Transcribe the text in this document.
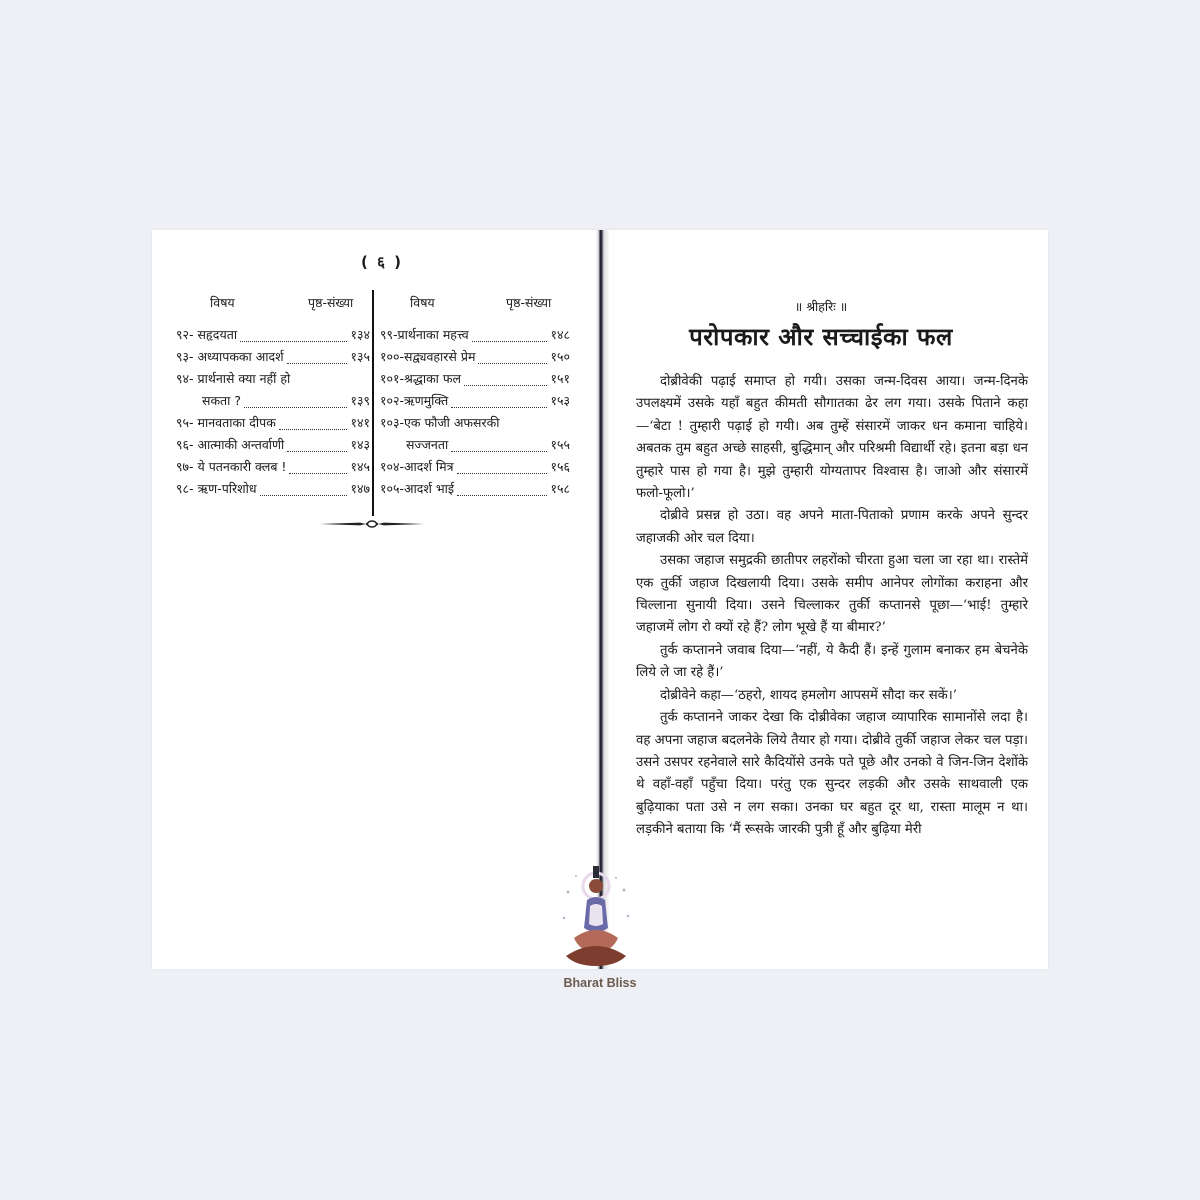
( ६ )
विषय	पृष्ठ-संख्या	विषय	पृष्ठ-संख्या
९२- सहृदयता	१३४
९३- अध्यापकका आदर्श	१३५
९४- प्रार्थनासे क्या नहीं हो
सकता ?	१३९
९५- मानवताका दीपक	१४१
९६- आत्माकी अन्तर्वाणी	१४३
९७- ये पतनकारी क्लब !	१४५
९८- ऋण-परिशोध	१४७
९९-प्रार्थनाका महत्त्व	१४८
१००-सद्व्यवहारसे प्रेम	१५०
१०१-श्रद्धाका फल	१५१
१०२-ऋणमुक्ति	१५३
१०३-एक फौजी अफसरकी
सज्जनता	१५५
१०४-आदर्श मित्र	१५६
१०५-आदर्श भाई	१५८
॥ श्रीहरिः ॥
परोपकार और सच्चाईका फल

दोब्रीवेकी पढ़ाई समाप्त हो गयी। उसका जन्म-दिवस आया। जन्म-दिनके उपलक्ष्यमें उसके यहाँ बहुत कीमती सौगातका ढेर लग गया। उसके पिताने कहा—‘बेटा ! तुम्हारी पढ़ाई हो गयी। अब तुम्हें संसारमें जाकर धन कमाना चाहिये। अबतक तुम बहुत अच्छे साहसी, बुद्धिमान् और परिश्रमी विद्यार्थी रहे। इतना बड़ा धन तुम्हारे पास हो गया है। मुझे तुम्हारी योग्यतापर विश्वास है। जाओ और संसारमें फलो-फूलो।’

दोब्रीवे प्रसन्न हो उठा। वह अपने माता-पिताको प्रणाम करके अपने सुन्दर जहाजकी ओर चल दिया।

उसका जहाज समुद्रकी छातीपर लहरोंको चीरता हुआ चला जा रहा था। रास्तेमें एक तुर्की जहाज दिखलायी दिया। उसके समीप आनेपर लोगोंका कराहना और चिल्लाना सुनायी दिया। उसने चिल्लाकर तुर्की कप्तानसे पूछा—‘भाई! तुम्हारे जहाजमें लोग रो क्यों रहे हैं? लोग भूखे हैं या बीमार?’

तुर्क कप्तानने जवाब दिया—‘नहीं, ये कैदी हैं। इन्हें गुलाम बनाकर हम बेचनेके लिये ले जा रहे हैं।’

दोब्रीवेने कहा—‘ठहरो, शायद हमलोग आपसमें सौदा कर सकें।’

तुर्क कप्तानने जाकर देखा कि दोब्रीवेका जहाज व्यापारिक सामानोंसे लदा है। वह अपना जहाज बदलनेके लिये तैयार हो गया। दोब्रीवे तुर्की जहाज लेकर चल पड़ा। उसने उसपर रहनेवाले सारे कैदियोंसे उनके पते पूछे और उनको वे जिन-जिन देशोंके थे वहाँ-वहाँ पहुँचा दिया। परंतु एक सुन्दर लड़की और उसके साथवाली एक बुढ़ियाका पता उसे न लग सका। उनका घर बहुत दूर था, रास्ता मालूम न था। लड़कीने बताया कि ‘मैं रूसके जारकी पुत्री हूँ और बुढ़िया मेरी

Bharat Bliss
